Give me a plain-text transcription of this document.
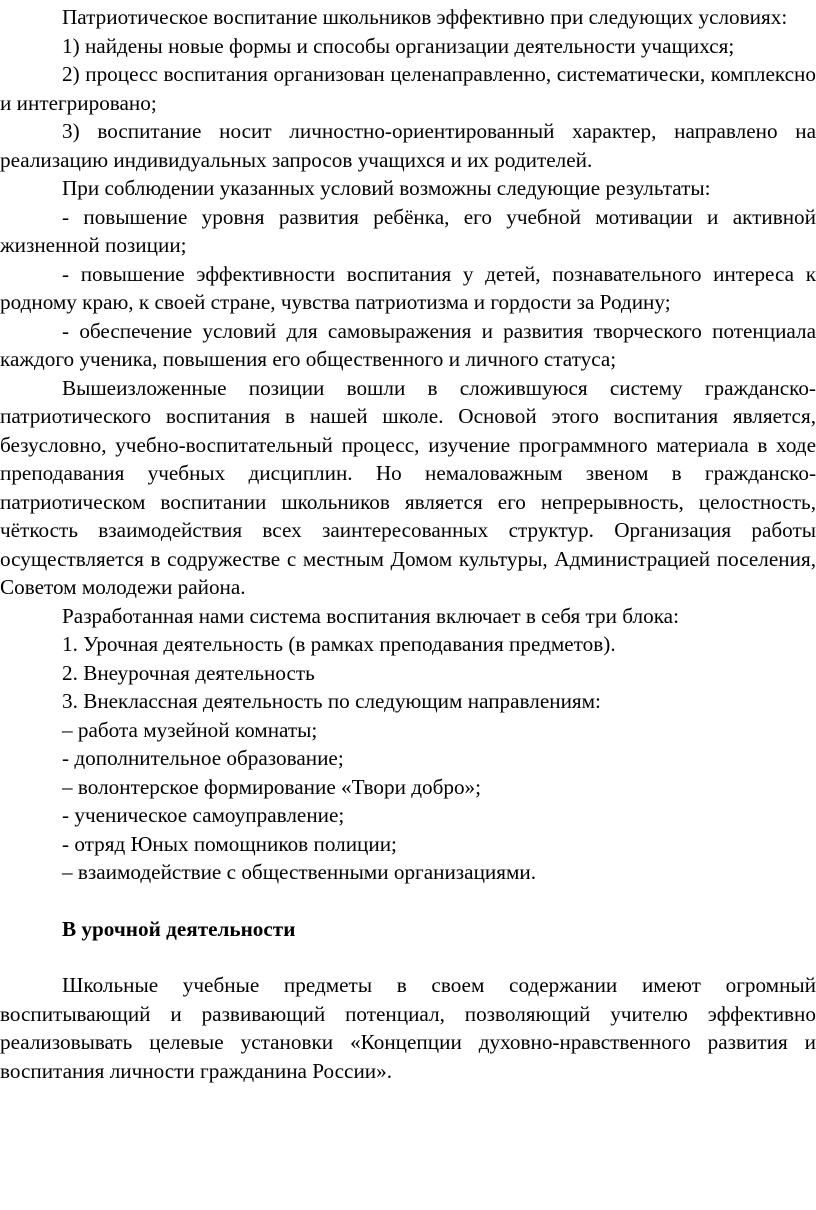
Патриотическое воспитание школьников эффективно при следующих условиях:

1) найдены новые формы и способы организации деятельности учащихся;

2) процесс воспитания организован целенаправленно, систематически, комплексно и интегрировано;

3) воспитание носит личностно-ориентированный характер, направлено на реализацию индивидуальных запросов учащихся и их родителей.

При соблюдении указанных условий возможны следующие результаты:

- повышение уровня развития ребёнка, его учебной мотивации и активной жизненной позиции;

- повышение эффективности воспитания у детей, познавательного интереса к родному краю, к своей стране, чувства патриотизма и гордости за Родину;

- обеспечение условий для самовыражения и развития творческого потенциала каждого ученика, повышения его общественного и личного статуса;

Вышеизложенные позиции вошли в сложившуюся систему гражданско-патриотического воспитания в нашей школе. Основой этого воспитания является, безусловно, учебно-воспитательный процесс, изучение программного материала в ходе преподавания учебных дисциплин. Но немаловажным звеном в гражданско-патриотическом воспитании школьников является его непрерывность, целостность, чёткость взаимодействия всех заинтересованных структур. Организация работы осуществляется в содружестве с местным Домом культуры, Администрацией поселения, Советом молодежи района.

Разработанная нами система воспитания включает в себя три блока:

1. Урочная деятельность (в рамках преподавания предметов).

2. Внеурочная деятельность

3. Внеклассная деятельность по следующим направлениям:

– работа музейной комнаты;

- дополнительное образование;

– волонтерское формирование «Твори добро»;

- ученическое самоуправление;

- отряд Юных помощников полиции;

– взаимодействие с общественными организациями.

В урочной деятельности

Школьные учебные предметы в своем содержании имеют огромный воспитывающий и развивающий потенциал, позволяющий учителю эффективно реализовывать целевые установки «Концепции духовно-нравственного развития и воспитания личности гражданина России».
